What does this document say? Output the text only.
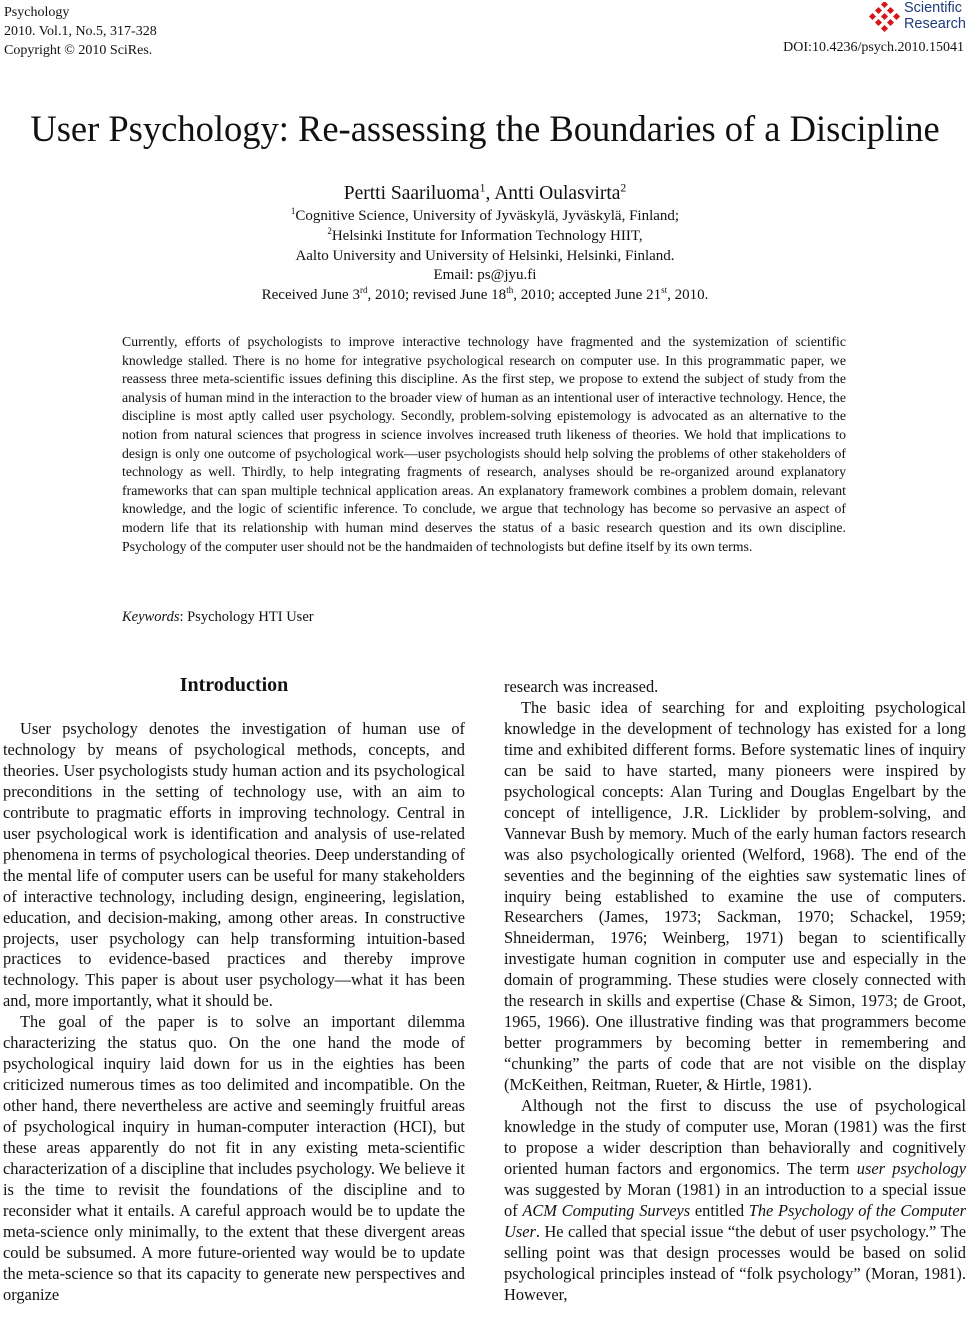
Psychology
2010. Vol.1, No.5, 317-328
Copyright © 2010 SciRes.
Scientific
Research
DOI:10.4236/psych.2010.15041
User Psychology: Re-assessing the Boundaries of a Discipline
Pertti Saariluoma$^1$, Antti Oulasvirta$^2$
$^1$Cognitive Science, University of Jyväskylä, Jyväskylä, Finland;
$^2$Helsinki Institute for Information Technology HIIT,
Aalto University and University of Helsinki, Helsinki, Finland.
Email: ps@jyu.fi
Received June 3rd, 2010; revised June 18th, 2010; accepted June 21st, 2010.
Currently, efforts of psychologists to improve interactive technology have fragmented and the systemization of scientific knowledge stalled. There is no home for integrative psychological research on computer use. In this programmatic paper, we reassess three meta-scientific issues defining this discipline. As the first step, we propose to extend the subject of study from the analysis of human mind in the interaction to the broader view of human as an intentional user of interactive technology. Hence, the discipline is most aptly called user psychology. Secondly, problem-solving epistemology is advocated as an alternative to the notion from natural sciences that progress in science involves increased truth likeness of theories. We hold that implications to design is only one outcome of psychological work—user psychologists should help solving the problems of other stakeholders of technology as well. Thirdly, to help integrating fragments of research, analyses should be re-organized around explanatory frameworks that can span multiple technical application areas. An explanatory framework combines a problem domain, relevant knowledge, and the logic of scientific inference. To conclude, we argue that technology has become so pervasive an aspect of modern life that its relationship with human mind deserves the status of a basic research question and its own discipline. Psychology of the computer user should not be the handmaiden of technologists but define itself by its own terms.
Keywords: Psychology HTI User
Introduction

User psychology denotes the investigation of human use of technology by means of psychological methods, concepts, and theories. User psychologists study human action and its psychological preconditions in the setting of technology use, with an aim to contribute to pragmatic efforts in improving technology. Central in user psychological work is identification and analysis of use-related phenomena in terms of psychological theories. Deep understanding of the mental life of computer users can be useful for many stakeholders of interactive technology, including design, engineering, legislation, education, and decision-making, among other areas. In constructive projects, user psychology can help transforming intuition-based practices to evidence-based practices and thereby improve technology. This paper is about user psychology—what it has been and, more importantly, what it should be.

The goal of the paper is to solve an important dilemma characterizing the status quo. On the one hand the mode of psychological inquiry laid down for us in the eighties has been criticized numerous times as too delimited and incompatible. On the other hand, there nevertheless are active and seemingly fruitful areas of psychological inquiry in human-computer interaction (HCI), but these areas apparently do not fit in any existing meta-scientific characterization of a discipline that includes psychology. We believe it is the time to revisit the foundations of the discipline and to reconsider what it entails. A careful approach would be to update the meta-science only minimally, to the extent that these divergent areas could be subsumed. A more future-oriented way would be to update the meta-science so that its capacity to generate new perspectives and organize

research was increased.

The basic idea of searching for and exploiting psychological knowledge in the development of technology has existed for a long time and exhibited different forms. Before systematic lines of inquiry can be said to have started, many pioneers were inspired by psychological concepts: Alan Turing and Douglas Engelbart by the concept of intelligence, J.R. Licklider by problem-solving, and Vannevar Bush by memory. Much of the early human factors research was also psychologically oriented (Welford, 1968). The end of the seventies and the beginning of the eighties saw systematic lines of inquiry being established to examine the use of computers. Researchers (James, 1973; Sackman, 1970; Schackel, 1959; Shneiderman, 1976; Weinberg, 1971) began to scientifically investigate human cognition in computer use and especially in the domain of programming. These studies were closely connected with the research in skills and expertise (Chase & Simon, 1973; de Groot, 1965, 1966). One illustrative finding was that programmers become better programmers by becoming better in remembering and “chunking” the parts of code that are not visible on the display (McKeithen, Reitman, Rueter, & Hirtle, 1981).

Although not the first to discuss the use of psychological knowledge in the study of computer use, Moran (1981) was the first to propose a wider description than behaviorally and cognitively oriented human factors and ergonomics. The term user psychology was suggested by Moran (1981) in an introduction to a special issue of ACM Computing Surveys entitled The Psychology of the Computer User. He called that special issue “the debut of user psychology.” The selling point was that design processes would be based on solid psychological principles instead of “folk psychology” (Moran, 1981). However,
